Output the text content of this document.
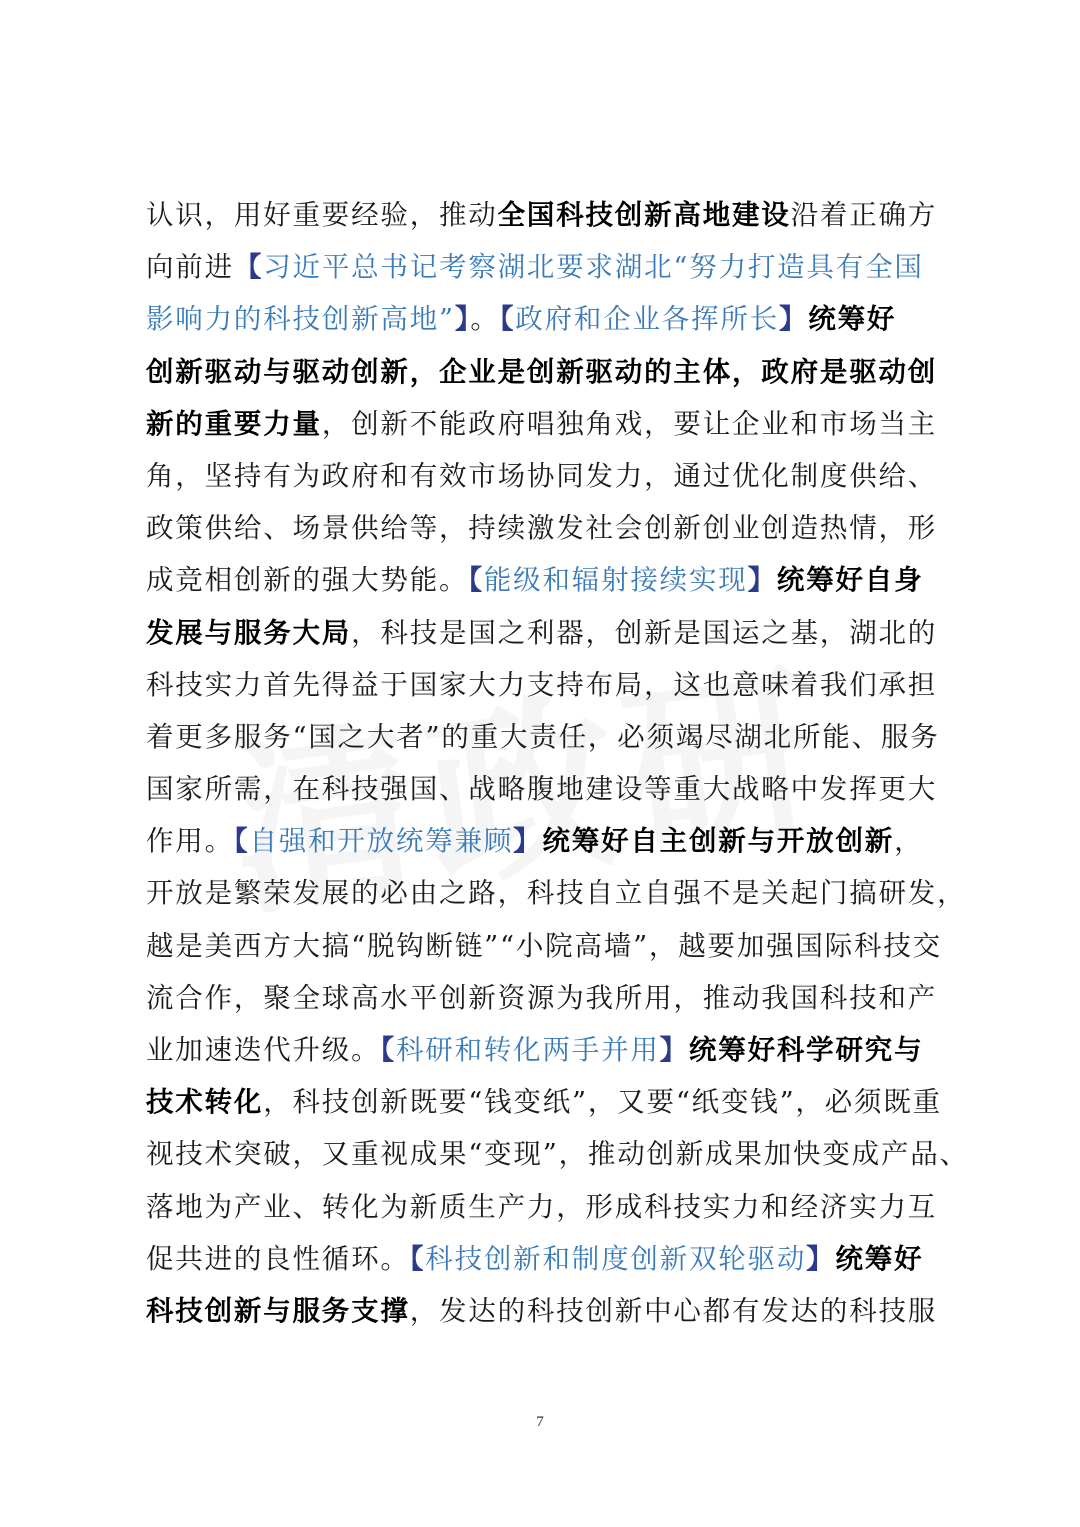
认识，用好重要经验，推动全国科技创新高地建设沿着正确方
向前进【习近平总书记考察湖北要求湖北“努力打造具有全国
影响力的科技创新高地”】。【政府和企业各挥所长】统筹好
创新驱动与驱动创新，企业是创新驱动的主体，政府是驱动创
新的重要力量，创新不能政府唱独角戏，要让企业和市场当主
角，坚持有为政府和有效市场协同发力，通过优化制度供给、
政策供给、场景供给等，持续激发社会创新创业创造热情，形
成竞相创新的强大势能。【能级和辐射接续实现】统筹好自身
发展与服务大局，科技是国之利器，创新是国运之基，湖北的
科技实力首先得益于国家大力支持布局，这也意味着我们承担
着更多服务“国之大者”的重大责任，必须竭尽湖北所能、服务
国家所需，在科技强国、战略腹地建设等重大战略中发挥更大
作用。【自强和开放统筹兼顾】统筹好自主创新与开放创新，
开放是繁荣发展的必由之路，科技自立自强不是关起门搞研发，
越是美西方大搞“脱钩断链”“小院高墙”，越要加强国际科技交
流合作，聚全球高水平创新资源为我所用，推动我国科技和产
业加速迭代升级。【科研和转化两手并用】统筹好科学研究与
技术转化，科技创新既要“钱变纸”，又要“纸变钱”，必须既重
视技术突破，又重视成果“变现”，推动创新成果加快变成产品、
落地为产业、转化为新质生产力，形成科技实力和经济实力互
促共进的良性循环。【科技创新和制度创新双轮驱动】统筹好
科技创新与服务支撑，发达的科技创新中心都有发达的科技服
7
